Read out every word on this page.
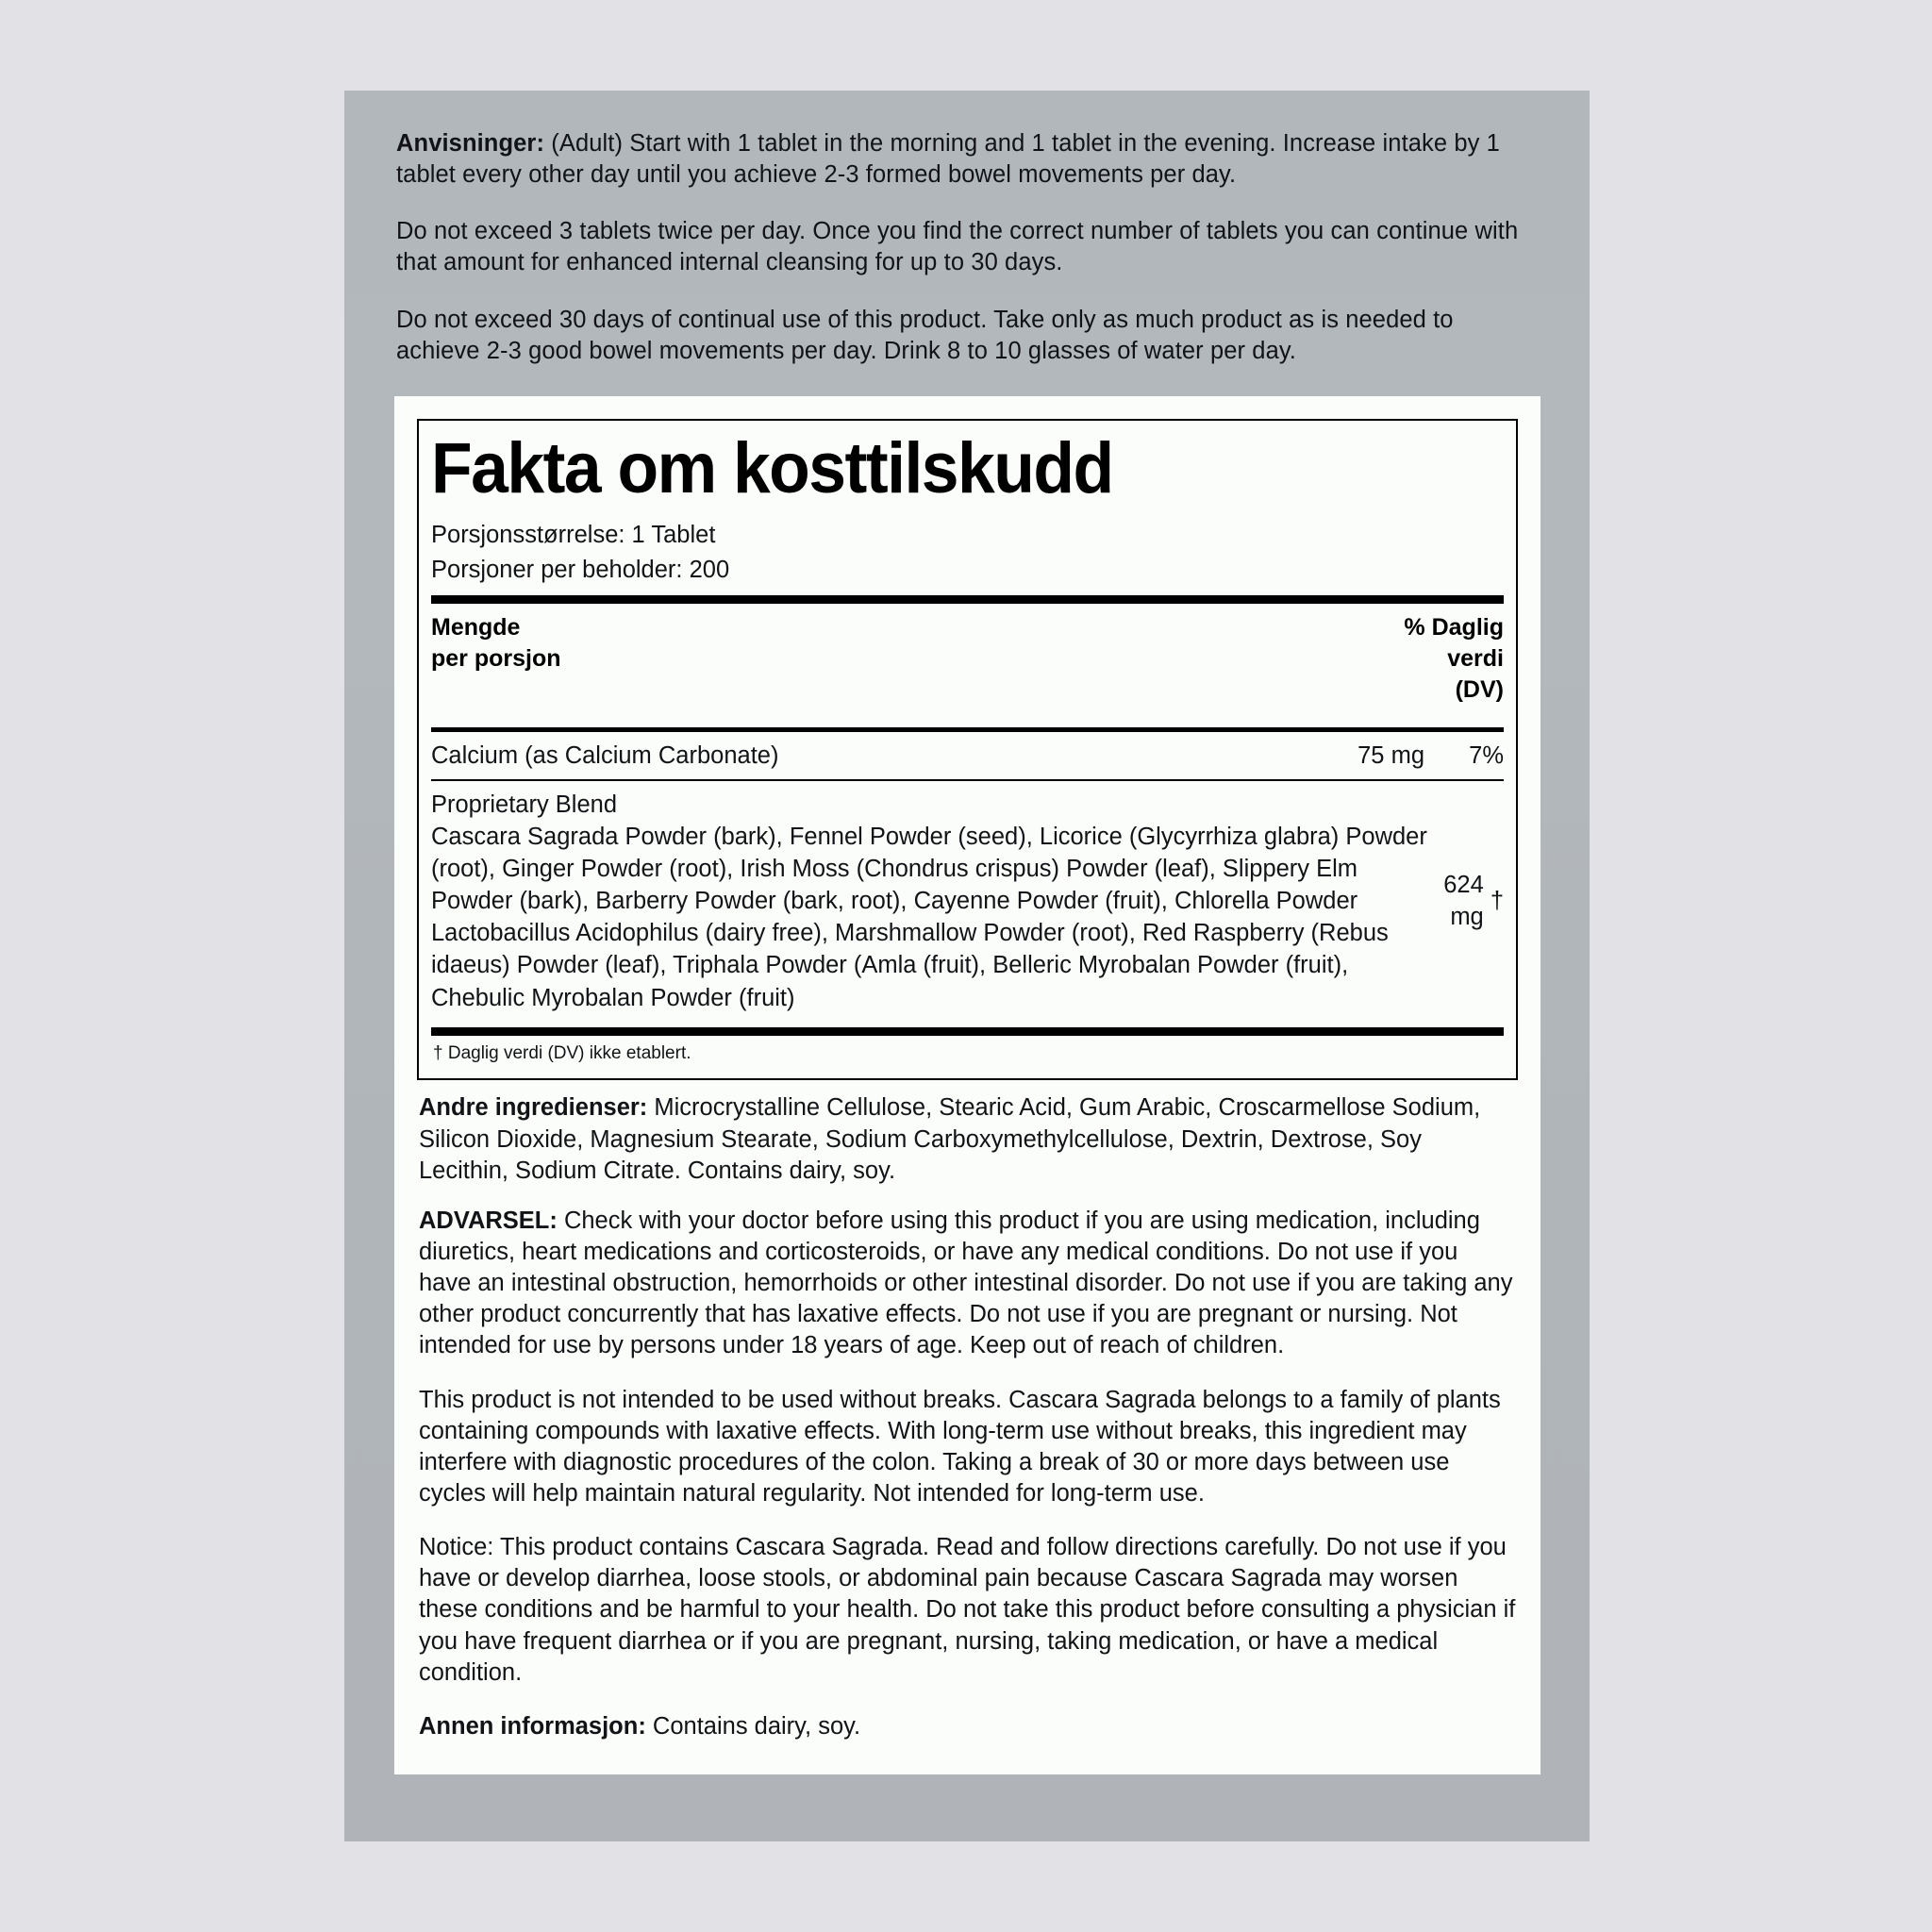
Anvisninger: (Adult) Start with 1 tablet in the morning and 1 tablet in the evening. Increase intake by 1 tablet every other day until you achieve 2-3 formed bowel movements per day.

Do not exceed 3 tablets twice per day. Once you find the correct number of tablets you can continue with that amount for enhanced internal cleansing for up to 30 days.

Do not exceed 30 days of continual use of this product. Take only as much product as is needed to achieve 2-3 good bowel movements per day. Drink 8 to 10 glasses of water per day.

Fakta om kosttilskudd
Porsjonsstørrelse: 1 Tablet
Porsjoner per beholder: 200
Mengde
per porsjon
% Daglig
verdi
(DV)
Calcium (as Calcium Carbonate)	75 mg	7%
Proprietary Blend
Cascara Sagrada Powder (bark), Fennel Powder (seed), Licorice (Glycyrrhiza glabra) Powder (root), Ginger Powder (root), Irish Moss (Chondrus crispus) Powder (leaf), Slippery Elm Powder (bark), Barberry Powder (bark, root), Cayenne Powder (fruit), Chlorella Powder Lactobacillus Acidophilus (dairy free), Marshmallow Powder (root), Red Raspberry (Rebus idaeus) Powder (leaf), Triphala Powder (Amla (fruit), Belleric Myrobalan Powder (fruit), Chebulic Myrobalan Powder (fruit)
624 mg
†
† Daglig verdi (DV) ikke etablert.

Andre ingredienser: Microcrystalline Cellulose, Stearic Acid, Gum Arabic, Croscarmellose Sodium, Silicon Dioxide, Magnesium Stearate, Sodium Carboxymethylcellulose, Dextrin, Dextrose, Soy Lecithin, Sodium Citrate. Contains dairy, soy.

ADVARSEL: Check with your doctor before using this product if you are using medication, including diuretics, heart medications and corticosteroids, or have any medical conditions. Do not use if you have an intestinal obstruction, hemorrhoids or other intestinal disorder. Do not use if you are taking any other product concurrently that has laxative effects. Do not use if you are pregnant or nursing. Not intended for use by persons under 18 years of age. Keep out of reach of children.

This product is not intended to be used without breaks. Cascara Sagrada belongs to a family of plants containing compounds with laxative effects. With long-term use without breaks, this ingredient may interfere with diagnostic procedures of the colon. Taking a break of 30 or more days between use cycles will help maintain natural regularity. Not intended for long-term use.

Notice: This product contains Cascara Sagrada. Read and follow directions carefully. Do not use if you have or develop diarrhea, loose stools, or abdominal pain because Cascara Sagrada may worsen these conditions and be harmful to your health. Do not take this product before consulting a physician if you have frequent diarrhea or if you are pregnant, nursing, taking medication, or have a medical condition.

Annen informasjon: Contains dairy, soy.
